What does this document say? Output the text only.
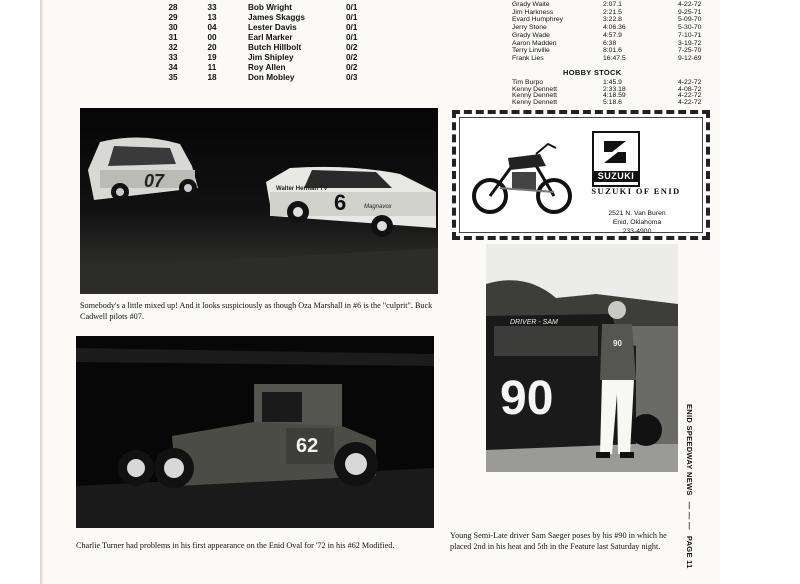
28	33	Bob Wright	0/1
29	13	James Skaggs	0/1
30	04	Lester Davis	0/1
31	00	Earl Marker	0/1
32	20	Butch Hillbolt	0/2
33	19	Jim Shipley	0/2
34	11	Roy Allen	0/2
35	18	Don Mobley	0/3
HOBBY STOCK
Grady Waite	2:07.1	4-22-72
Jim Harkness	2:21.5	9-25-71
Evard Humphrey	3:22.8	5-09-70
Jerry Stone	4:06.36	5-30-70
Grady Wade	4:57.9	7-10-71
Aaron Madden	6:38	3-19-72
Terry Linville	8:01.6	7-25-70
Frank Lies	16:47.5	9-12-69
Tim Burpo	1:45.9	4-22-72
Kenny Dennett	2:33.18	4-08-72
Kenny Dennett	4:18.59	4-22-72
Kenny Dennett	5:18.6	4-22-72
07	Walter Herman TV
6	Magnavox
Somebody's a little mixed up! And it looks suspiciously as though Oza Marshall in #6 is the "culprit". Buck Cadwell pilots #07.
62
Charlie Turner had problems in his first appearance on the Enid Oval for '72 in his #62 Modified.
DRIVER - SAM
90
90
Young Semi-Late driver Sam Saeger poses by his #90 in which he placed 2nd in his heat and 5th in the Feature last Saturday night.
SUZUKI
SUZUKI OF ENID
2521 N. Van Buren
Enid, Oklahoma
233-4900
ENID SPEEDWAY NEWS— — —PAGE 11
